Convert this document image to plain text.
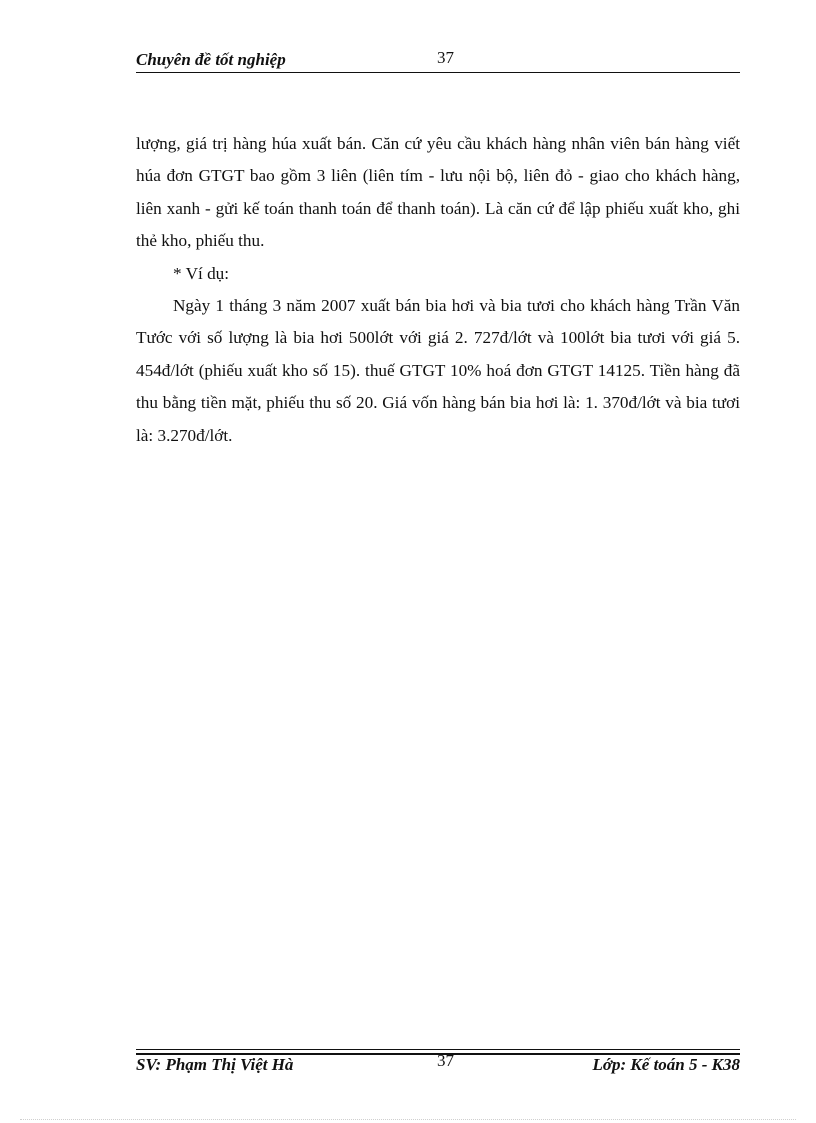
Chuyên đề tốt nghiệp	37

lượng, giá trị hàng húa xuất bán. Căn cứ yêu cầu khách hàng nhân viên bán hàng viết húa đơn GTGT bao gồm 3 liên (liên tím - lưu nội bộ, liên đỏ - giao cho khách hàng, liên xanh - gửi kế toán thanh toán để thanh toán). Là căn cứ để lập phiếu xuất kho, ghi thẻ kho, phiếu thu.

* Ví dụ:

Ngày 1 tháng 3 năm 2007 xuất bán bia hơi và bia tươi cho khách hàng Trần Văn Tước với số lượng là bia hơi 500lớt với giá 2. 727đ/lớt và 100lớt bia tươi với giá 5. 454đ/lớt (phiếu xuất kho số 15). thuế GTGT 10% hoá đơn GTGT 14125. Tiền hàng đã thu bằng tiền mặt, phiếu thu số 20. Giá vốn hàng bán bia hơi là: 1. 370đ/lớt và bia tươi là: 3.270đ/lớt.

SV: Phạm Thị Việt Hà	37	Lớp: Kế toán 5 - K38
